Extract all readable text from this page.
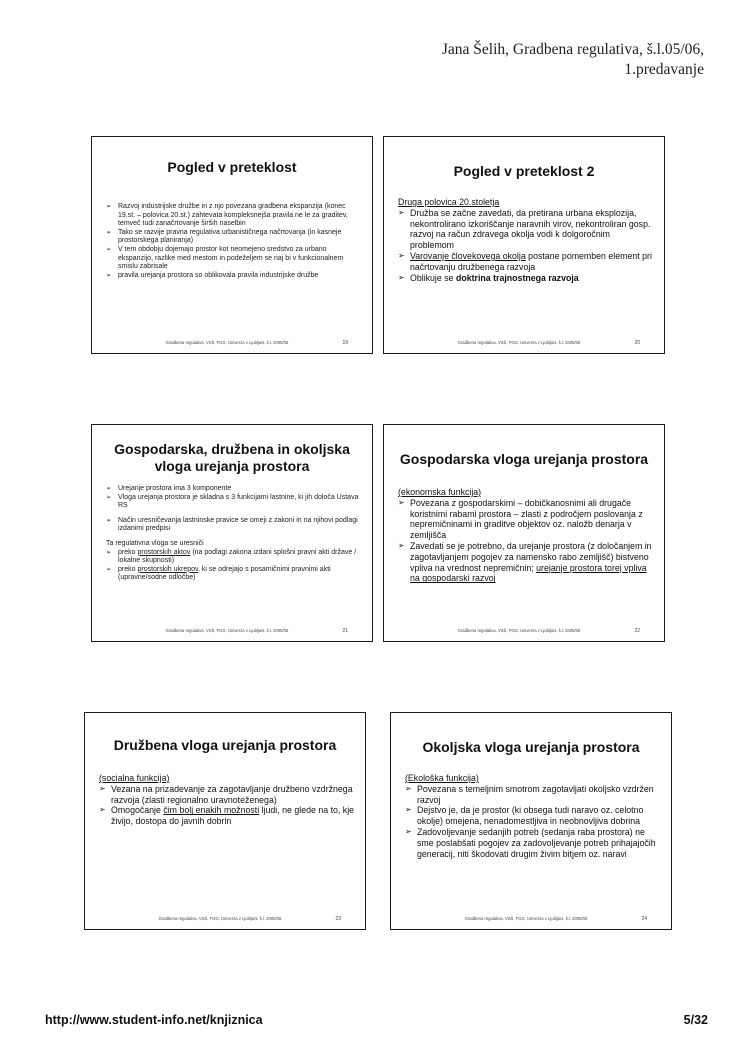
Jana Šelih, Gradbena regulativa, š.l.05/06,
1.predavanje
Pogled v preteklost
➢ Razvoj industrijske družbe in z njo povezana gradbena ekspanzija (konec 19.st. – polovica 20.st.) zahtevata kompleksnejša pravila ne le za graditev, temveč tudi zanačrtovanje širših naselbin
➢ Tako se razvije pravna regulativa urbanističnega načrtovanja (in kasneje prostorskega planiranja)
➢ V tem obdobju dojemajo prostor kot neomejeno sredstvo za urbano ekspanzijo, razlike med mestom in podeželjem se naj bi v funkcionalnem smislu zabrisale
➢ pravila urejanja prostora so oblikovala pravila industrijske družbe
Gradbena regulativa, VSŠ, FGG, Univerza v Ljubljani, š.l. 2005/06	19
Pogled v preteklost 2

Druga polovica 20.stoletja

➢ Družba se začne zavedati, da pretirana urbana eksplozija, nekontrolirano izkoriščanje naravnih virov, nekontroliran gosp. razvoj na račun zdravega okolja vodi k dolgoročnim problemom
➢ Varovanje človekovega okolja postane pomemben element pri načrtovanju družbenega razvoja
➢ Oblikuje se doktrina trajnostnega razvoja
Gradbena regulativa, VSŠ, FGG, Univerza v Ljubljani, š.l. 2005/06	20
Gospodarska, družbena in okoljska vloga urejanja prostora
➢ Urejanje prostora ima 3 komponente
➢ Vloga urejanja prostora je skladna s 3 funkcijami lastnine, ki jih določa Ustava RS
➢ Način uresničevanja lastninske pravice se omeji z zakoni in na njihovi podlagi izdanimi predpisi

Ta regulativna vloga se uresniči

➢ preko prostorskih aktov (na podlagi zakona izdani splošni pravni akti države / lokalne skupnosti)
➢ preko prostorskih ukrepov, ki se odrejajo s posamičnimi pravnimi akti (upravne/sodne odločbe)
Gradbena regulativa, VSŠ, FGG, Univerza v Ljubljani, š.l. 2005/06	21
Gospodarska vloga urejanja prostora

(ekonomska funkcija)

➢ Povezana z gospodarskimi – dobičkanosnimi ali drugače koristnimi rabami prostora – zlasti z področjem poslovanja z nepremičninami in graditve objektov oz. naložb denarja v zemljišča
➢ Zavedati se je potrebno, da urejanje prostora (z določanjem in zagotavljanjem pogojev za namensko rabo zemljišč) bistveno vpliva na vrednost nepremičnin; urejanje prostora torej vpliva na gospodarski razvoj
Gradbena regulativa, VSŠ, FGG, Univerza v Ljubljani, š.l. 2005/06	22
Družbena vloga urejanja prostora

(socialna funkcija)

➢ Vezana na prizadevanje za zagotavljanje družbeno vzdržnega razvoja (zlasti regionalno uravnoteženega)
➢ Omogočanje čim bolj enakih možnosti ljudi, ne glede na to, kje živijo, dostopa do javnih dobrin
Gradbena regulativa, VSŠ, FGG, Univerza v Ljubljani, š.l. 2005/06	23
Okoljska vloga urejanja prostora

(Ekološka funkcija)

➢ Povezana s temeljnim smotrom zagotavljati okoljsko vzdržen razvoj
➢ Dejstvo je, da je prostor (ki obsega tudi naravo oz. celotno okolje) omejena, nenadomestljiva in neobnovljiva dobrina
➢ Zadovoljevanje sedanjih potreb (sedanja raba prostora) ne sme poslabšati pogojev za zadovoljevanje potreb prihajajočih generacij, niti škodovati drugim živim bitjem oz. naravi
Gradbena regulativa, VSŠ, FGG, Univerza v Ljubljani, š.l. 2005/06	24
http://www.student-info.net/knjiznica	5/32
